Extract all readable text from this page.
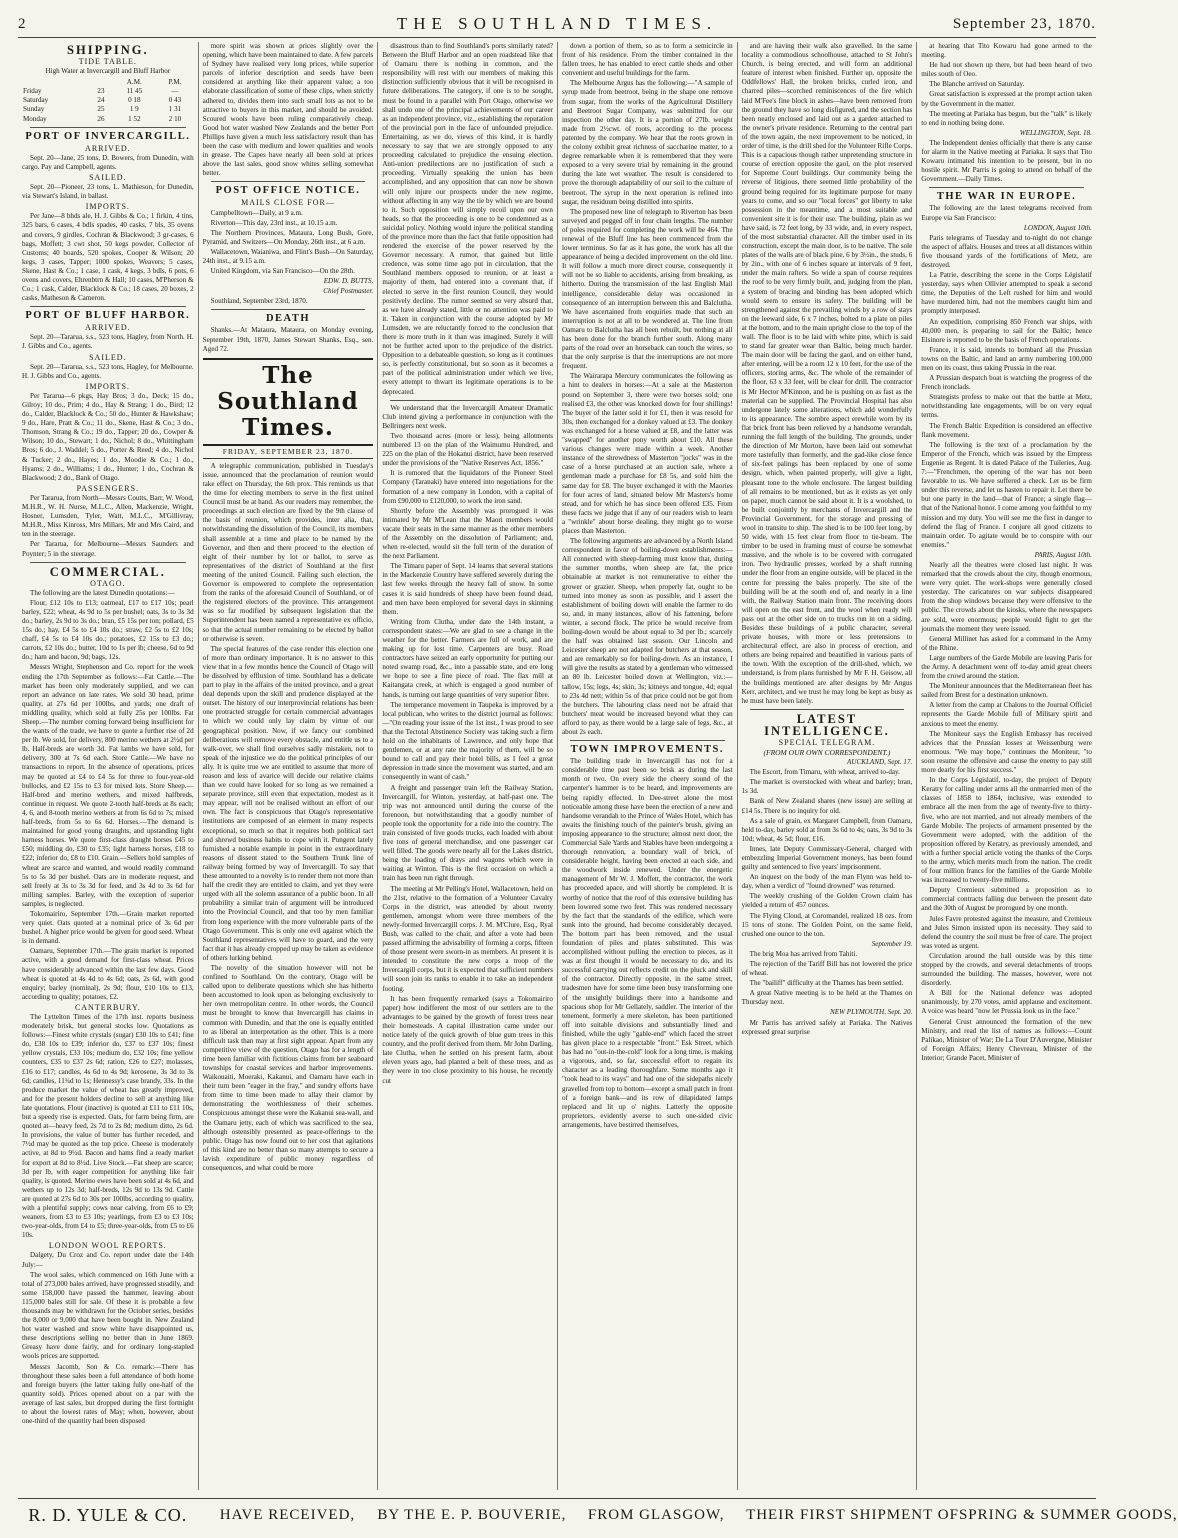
2	THE SOUTHLAND TIMES.	September 23, 1870.
SHIPPING.
TIDE TABLE.
High Water at Invercargill and Bluff Harbor
		A.M.	P.M.
Friday	23	11 45	—
Saturday	24	0 18	0 43
Sunday	25	1 9	1 31
Monday	26	1 52	2 10
PORT OF INVERCARGILL.
ARRIVED.

Sept. 20—Jane, 25 tons, D. Bowers, from Dunedin, with cargo. Pay and Campbell, agents.

SAILED.

Sept. 20—Pioneer, 23 tons, L. Mathieson, for Dunedin, via Stewart's Island, in ballast.

IMPORTS.

Per Jane—8 bhds ale, H. J. Gibbs & Co.; 1 firkin, 4 tins, 325 bars, 6 cases, 4 bdls spades, 40 casks, 7 bls, 35 ovens and covers, 9 girdles, Cochran & Blackwood; 3 gr-cases, 6 bags, Moffett; 3 cwt shot, 50 kegs powder, Collector of Customs; 40 boards, 520 spokes, Cooper & Wilson; 20 kegs, 3 cases, Tapper; 1000 spokes, Weavers; 5 cases, Skene, Hast & Co.; 1 case, 1 cask, 4 kegs, 3 bdls, 6 pots, 6 ovens and covers, Ehrenbtrn & Hall; 10 cases, M'Pherson & Co.; 1 cask, Calder, Blacklock & Co.; 18 cases, 20 boxes, 2 casks, Matheson & Cameron.

PORT OF BLUFF HARBOR.
ARRIVED.

Sept. 20—Tararua, s.s., 523 tons, Hagley, from North. H. J. Gibbs and Co., agents.

SAILED.

Sept. 20—Tararua, s.s., 523 tons, Hagley, for Melbourne. H. J. Gibbs and Co., agents.

IMPORTS.

Per Tararua—6 pkgs, Hay Bros; 3 do., Deck; 15 do., Gilroy; 10 do., Prim; 4 do., Hay & Strang; 1 do., Bird; 12 do., Calder, Blacklock & Co.; 50 do., Hunter & Hawkshaw; 9 do., Hare, Pratt & Co.; 11 do., Skene, Hast & Co.; 3 do., Thomson, Strang & Co.; 19 do., Tapper; 20 do., Cowper & Wilson; 10 do., Stewart; 1 do., Nichol; 8 do., Whittingham Bros; 6 do., J. Waddel; 5 do., Porter & Reed; 4 do., Nichol & Tucker; 2 do., Hayes; 1 do., Moodie & Co.; 1 do., Hyams; 2 do., Williams; 1 do., Hunter; 1 do., Cochran & Blackwood; 2 do., Bank of Otago.

PASSENGERS.

Per Tararua, from North—Messrs Coutts, Barr, W. Wood, M.H.R., W. H. Nurse, M.L.C., Allen, Mackenzie, Wright, Hosner, Lumsden, Tyler, Watt, M.L.C., M'Gillivray, M.H.R., Miss Kinross, Mrs Millars, Mr and Mrs Caird, and ten in the steerage.

Per Tararua, for Melbourne—Messrs Saunders and Poynter; 5 in the steerage.

COMMERCIAL.
OTAGO.

The following are the latest Dunedin quotations:—

Flour, £12 10s to £13; oatmeal, £17 to £17 10s; pearl barley, £22; wheat, 4s 9d to 5s per bushel; oats, 3s to 3s 3d do.; barley, 2s 9d to 3s do.; bran, £5 15s per ton; pollard, £5 15s do.; hay, £4 5s to £4 10s do.; straw, £2 5s to £2 10s; chaff, £4 5s to £4 10s do.; potatoes, £2 15s to £3 do.; carrots, £2 10s do.; butter, 10d to 1s per lb; cheese, 6d to 9d do.; ham and bacon, 9d; bags, 12s.

Messrs Wright, Stephenson and Co. report for the week ending the 17th September as follows:—Fat Cattle.—The market has been only moderately supplied, and we can report an advance on late rates. We sold 30 head, prime quality, at 27s 6d per 100lbs, and yards; one draft of middling quality, which sold at fully 25s per 100lbs. Fat Sheep.—The number coming forward being insufficient for the wants of the trade, we have to quote a further rise of 2d per lb. We sold, for delivery, 800 merino wethers at 2½d per lb. Half-breds are worth 3d. Fat lambs we have sold, for delivery, 300 at 7s 6d each. Store Cattle.—We have no transactions to report. In the absence of operations, prices may be quoted at £4 to £4 5s for three to four-year-old bullocks, and £2 15s to £3 for mixed lots. Store Sheep.—Half-bred and merino wethers, and mixed halfbreds, continue in request. We quote 2-tooth half-breds at 8s each; 4, 6, and 8-tooth merino wethers at from 6s 6d to 7s; mixed half-breds, from 5s to 6s 6d. Horses.—The demand is maintained for good young draughts, and upstanding light harness horses. We quote first-class draught horses £45 to £50; middling do, £30 to £35; light harness horses, £18 to £22; inferior do, £8 to £10. Grain.—Sellers hold samples of wheat are scarce and wanted, and would readily command 5s to 5s 3d per bushel. Oats are in moderate request, and sell freely at 3s to 3s 3d for feed, and 3s 4d to 3s 6d for milling samples. Barley, with the exception of superior samples, is neglected.

Tokomairiro, September 17th.—Grain market reported very quiet. Oats quoted at a nominal price of 3s 6d per bushel. A higher price would be given for good seed. Wheat is in demand.

Oamaru, September 17th.—The grain market is reported active, with a good demand for first-class wheat. Prices have considerably advanced within the last few days. Good wheat is quoted at 4s 4d to 4s 6d; oats, 2s 6d, with good enquiry; barley (nominal), 2s 9d; flour, £10 10s to £13, according to quality; potatoes, £2.

CANTERBURY.

The Lyttelton Times of the 17th inst. reports business moderately brisk, but general stocks low. Quotations as follows:—Finest white crystals (sugar) £30 10s to £41; fine do, £38 10s to £39; inferior do, £37 to £37 10s; finest yellow crystals, £33 10s; medium do, £32 10s; fine yellow counters, £35 to £37 2s 6d; ration, £26 to £27; molasses, £16 to £17; candles, 4s 6d to 4s 9d; kerosene, 3s 3d to 3s 6d; candles, 11¾d to 1s; Hennessy's case brandy, 33s. In the produce market the value of wheat has greatly improved, and for the present holders decline to sell at anything like late quotations. Flour (inactive) is quoted at £11 to £11 10s, but a speedy rise is expected. Oats, for farm being firm, are quoted at—heavy feed, 2s 7d to 2s 8d; medium ditto, 2s 6d. In provisions, the value of butter has further receded, and 7½d may be quoted as the top price. Cheese is moderately active, at 8d to 9½d. Bacon and hams find a ready market for export at 8d to 8½d. Live Stock.—Fat sheep are scarce; 3d per lb, with eager competition for anything like fair quality, is quoted. Merino ewes have been sold at 4s 6d, and wethers up to 12s 3d; half-breds, 12s 9d to 13s 9d. Cattle are quoted at 27s 6d to 30s per 100lbs, according to quality, with a plentiful supply; cows near calving, from £6 to £9; weaners, from £3 to £3 10s; yearlings, from £3 to £3 10s; two-year-olds, from £4 to £5; three-year-olds, from £5 to £6 10s.

LONDON WOOL REPORTS.

Dalgety, Du Croz and Co. report under date the 14th July:—

The wool sales, which commenced on 16th June with a total of 273,000 bales arrived, have progressed steadily, and some 158,000 have passed the hammer, leaving about 115,000 bales still for sale. Of these it is probable a few thousands may be withdrawn for the October series, besides the 8,000 or 9,000 that have been bought in. New Zealand hot water washed and snow white have disappointed us, these descriptions selling no better than in June 1869. Greasy have done fairly, and for ordinary long-stapled wools prices are supported.

Messrs Jacomb, Son & Co. remark:—There has throughout these sales been a full attendance of both home and foreign buyers (the latter taking fully one-half of the quantity sold). Prices opened about on a par with the average of last sales, but dropped during the first fortnight to about the lowest rates of May; when, however, about one-third of the quantity had been disposed

more spirit was shown at prices slightly over the opening, which have been maintained to date. A few parcels of Sydney have realised very long prices, while superior parcels of inferior description and seeds have been considered at anything like their apparent value; a too elaborate classification of some of these clips, when strictly adhered to, divides them into such small lots as not to be attractive to buyers in this market, and should be avoided. Scoured wools have been ruling comparatively cheap. Good hot water washed New Zealands and the better Port Phillips have given a much less satisfactory result than has been the case with medium and lower qualities and wools in grease. The Capes have nearly all been sold at prices above the last sales, good snow whites selling somewhat better.

POST OFFICE NOTICE.
MAILS CLOSE FOR—

Campbelltown—Daily, at 9 a.m.

Riverton—This day, 23rd inst., at 10.15 a.m.

The Northern Provinces, Mataura, Long Bush, Gore, Pyramid, and Switzers—On Monday, 26th inst., at 6 a.m.

Wallacetown, Waianiwa, and Flint's Bush—On Saturday, 24th inst., at 9.15 a.m.

United Kingdom, via San Francisco—On the 28th.

EDW. D. BUTTS,

Chief Postmaster.

Southland, September 23rd, 1870.

DEATH

Shanks.—At Mataura, Mataura, on Monday evening, September 19th, 1870, James Stewart Shanks, Esq., sen. Aged 72.

The Southland Times.
FRIDAY, SEPTEMBER 23, 1870.

A telegraphic communication, published in Tuesday's issue, announced that the proclamation of reunion would take effect on Thursday, the 6th prox. This reminds us that the time for electing members to serve in the first united Council must be at hand. As our readers may remember, the proceedings at such election are fixed by the 9th clause of the basis of reunion, which provides, inter alia, that, notwithstanding the dissolution of the Council, its members shall assemble at a time and place to be named by the Governor, and then and there proceed to the election of eight of their number by lot or ballot, to serve as representatives of the district of Southland at the first meeting of the united Council. Failing such election, the Governor is empowered to complete the representation from the ranks of the aforesaid Council of Southland, or of the registered electors of the province. This arrangement was so far modified by subsequent legislation that the Superintendent has been named a representative ex officio, so that the actual number remaining to be elected by ballot or otherwise is seven.

The special features of the case render this election one of more than ordinary importance. It is no answer to this view that in a few months hence the Council of Otago will be dissolved by effluxion of time. Southland has a delicate part to play in the affairs of the united province, and a great deal depends upon the skill and prudence displayed at the outset. The history of our interprovincial relations has been one protracted struggle for certain commercial advantages to which we could only lay claim by virtue of our geographical position. Now, if we fancy our combined deliberations will remove every obstacle, and entitle us to a walk-over, we shall find ourselves sadly mistaken, not to speak of the injustice we do the political principles of our ally. It is quite true we are entitled to assume that more of reason and less of avarice will decide our relative claims than we could have looked for so long as we remained a separate province, still even that expectation, modest as it may appear, will not be realised without an effort of our own. The fact is conspicuous that Otago's representative institutions are composed of an element in many respects exceptional, so much so that it requires both political tact and shrewd business habits to cope with it. Pungent lately furnished a notable example in point in the extraordinary reasons of dissent stated to the Southern Trunk line of railway being formed by way of Invercargill. To say that these amounted to a novelty is to render them not more than half the credit they are entitled to claim, and yet they were urged with all the solemn assurance of a public boon. In all probability a similar train of argument will be introduced into the Provincial Council, and that too by men familiar from long experience with the more vulnerable parts of the Otago Government. This is only one evil against which the Southland representatives will have to guard, and the very fact that it has already cropped up may be taken as evidence of others lurking behind.

The novelty of the situation however will not be confined to Southland. On the contrary, Otago will be called upon to deliberate questions which she has hitherto been accustomed to look upon as belonging exclusively to her own metropolitan centre. In other words, the Council must be brought to know that Invercargill has claims in common with Dunedin, and that the one is equally entitled to as liberal an interpretation as the other. This is a more difficult task than may at first sight appear. Apart from any competitive view of the question, Otago has for a length of time been familiar with fictitious claims from her seaboard townships for coastal services and harbor improvements. Waikouaiti, Moeraki, Kakanui, and Oamaru have each in their turn been "eager in the fray," and sundry efforts have from time to time been made to allay their clamor by demonstrating the worthlessness of their schemes. Conspicuous amongst these were the Kakanui sea-wall, and the Oamaru jetty, each of which was sacrificed to the sea, although ostensibly presented as peace-offerings to the public. Otago has now found out to her cost that agitations of this kind are no better than so many attempts to secure a lavish expenditure of public money regardless of consequences, and what could be more

disastrous than to find Southland's ports similarly rated? Between the Bluff Harbor and an open roadstead like that of Oamaru there is nothing in common, and the responsibility will rest with our members of making this distinction sufficiently obvious that it will be recognised in future deliberations. The category, if one is to be sought, must be found in a parallel with Port Otago, otherwise we shall undo one of the principal achievements of our career as an independent province, viz., establishing the reputation of the provincial port in the face of unfounded prejudice. Entertaining, as we do, views of this kind, it is hardly necessary to say that we are strongly opposed to any proceeding calculated to prejudice the ensuing election. Anti-union predilections are no justification of such a proceeding. Virtually speaking the union has been accomplished, and any opposition that can now be shown will only injure our prospects under the new regime, without affecting in any way the tie by which we are bound to it. Such opposition will simply recoil upon our own heads, so that the proceeding is one to be condemned as a suicidal policy. Nothing would injure the political standing of the province more than the fact that futile opposition had rendered the exercise of the power reserved by the Governor necessary. A rumor, that gained but little credence, was some time ago put in circulation, that the Southland members opposed to reunion, or at least a majority of them, had entered into a covenant that, if elected to serve in the first reunion Council, they would positively decline. The rumor seemed so very absurd that, as we have already stated, little or no attention was paid to it. Taken in conjunction with the course adopted by Mr Lumsden, we are reluctantly forced to the conclusion that there is more truth in it than was imagined. Surely it will not be further acted upon to the prejudice of the district. Opposition to a debateable question, so long as it continues so, is perfectly constitutional, but so soon as it becomes a part of the political administration under which we live, every attempt to thwart its legitimate operations is to be deprecated.

We understand that the Invercargill Amateur Dramatic Club intend giving a performance in conjunction with the Bellringers next week.

Two thousand acres (more or less), being allotments numbered 13 on the plan of the Waimumu Hundred, and 225 on the plan of the Hokanui district, have been reserved under the provisions of the "Native Reserves Act, 1856."

It is rumored that the liquidators of the Pioneer Steel Company (Taranaki) have entered into negotiations for the formation of a new company in London, with a capital of from £90,000 to £120,000, to work the iron sand.

Shortly before the Assembly was prorogued it was intimated by Mr M'Lean that the Maori members would vacate their seats in the same manner as the other members of the Assembly on the dissolution of Parliament; and, when re-elected, would sit the full term of the duration of the next Parliament.

The Timaru paper of Sept. 14 learns that several stations in the Mackenzie Country have suffered severely during the last few weeks through the heavy fall of snow. In some cases it is said hundreds of sheep have been found dead, and men have been employed for several days in skinning them.

Writing from Clutha, under date the 14th instant, a correspondent states:—We are glad to see a change in the weather for the better. Farmers are full of work, and are making up for lost time. Carpenters are busy. Road contractors have seized an early opportunity for putting our noted swamp road, &c., into a passable state, and ere long we hope to see a fine piece of road. The flax mill at Kaitangata creek, at which is engaged a good number of hands, is turning out large quantities of very superior fibre.

The temperance movement in Taupeka is improved by a local publican, who writes to the district journal as follows:—"On reading your issue of the 1st inst., I was proud to see that the Tectotal Abstinence Society was taking such a firm hold on the inhabitants of Lawrence, and only hope that gentlemen, or at any rate the majority of them, will be so bound to call and pay their hotel bills, as I feel a great depression in trade since the movement was started, and am consequently in want of cash."

A freight and passenger train left the Railway Station, Invercargill, for Winton, yesterday, at half-past one. The trip was not announced until during the course of the forenoon, but notwithstanding that a goodly number of people took the opportunity for a ride into the country. The train consisted of five goods trucks, each loaded with about five tons of general merchandise, and one passenger car well filled. The goods were nearly all for the Lakes district, being the loading of drays and wagons which were in waiting at Winton. This is the first occasion on which a train has been run right through.

The meeting at Mr Pelling's Hotel, Wallacetown, held on the 21st, relative to the formation of a Volunteer Cavalry Corps in the district, was attended by about twenty gentlemen, amongst whom were three members of the newly-formed Invercargill corps. J. M. M'Clure, Esq., Ryal Bush, was called to the chair, and after a vote had been passed affirming the advisability of forming a corps, fifteen of those present were sworn-in as members. At present it is intended to constitute the new corps a troop of the Invercargill corps, but it is expected that sufficient numbers will soon join its ranks to enable it to take an independent footing.

It has been frequently remarked (says a Tokomairiro paper) how indifferent the most of our settlers are to the advantages to be gained by the growth of forest trees near their homesteads. A capital illustration came under our notice lately of the quick growth of blue gum trees in this country, and the profit derived from them. Mr John Darling, late Clutha, when he settled on his present farm, about eleven years ago, had planted a belt of these trees, and as they were in too close proximity to his house, he recently cut

down a portion of them, so as to form a semicircle in front of his residence. From the timber contained in the fallen trees, he has enabled to erect cattle sheds and other convenient and useful buildings for the farm.

The Melbourne Argus has the following:—"A sample of syrup made from beetroot, being in the shape one remove from sugar, from the works of the Agricultural Distillery and Beetroot Sugar Company, was submitted for our inspection the other day. It is a portion of 27lb. weight made from 2½cwt. of roots, according to the process patented by the company. We hear that the roots grown in the colony exhibit great richness of saccharine matter, to a degree remarkable when it is remembered that they were exposed to a very severe trial by remaining in the ground during the late wet weather. The result is considered to prove the thorough adaptability of our soil to the culture of beetroot. The syrup in the next operation is refined into sugar, the residuum being distilled into spirits.

The proposed new line of telegraph to Riverton has been surveyed and pegged off in four chain lengths. The number of poles required for completing the work will be 464. The renewal of the Bluff line has been commenced from the lower terminus. So far as it has gone, the work has all the appearance of being a decided improvement on the old line. It will follow a much more direct course, consequently it will not be so liable to accidents, arising from breaking, as hitherto. During the transmission of the last English Mail intelligence, considerable delay was occasioned in consequence of an interruption between this and Balclutha. We have ascertained from enquiries made that such an interruption is not at all to be wondered at. The line from Oamaru to Balclutha has all been rebuilt, but nothing at all has been done for the branch further south. Along many parts of the road over an horseback can touch the wires, so that the only surprise is that the interruptions are not more frequent.

The Wairarapa Mercury communicates the following as a hint to dealers in horses:—At a sale at the Masterton pound on September 3, there were two horses sold; one realised £3, the other was knocked down for four shillings! The buyer of the latter sold it for £1, then it was resold for 30s, then exchanged for a donkey valued at £3. The donkey was exchanged for a horse valued at £8, and the latter was "swapped" for another pony worth about £10. All these various changes were made within a week. Another instance of the shrewdness of Masterton "jocks" was in the case of a horse purchased at an auction sale, where a gentleman made a purchase for £8 5s, and sold him the same day for £8. The buyer exchanged it with the Maories for four acres of land, situated below Mr Masters's home stead, and for which he has since been offered £35. From these facts we judge that if any of our readers wish to learn a "wrinkle" about horse dealing, they might go to worse places than Masterton.

The following arguments are advanced by a North Island correspondent in favor of boiling-down establishments:—All connected with sheep-farming must know that, during the summer months, when sheep are fat, the price obtainable at market is not remunerative to either the grower or grazier. Sheep, when properly fat, ought to be turned into money as soon as possible, and I assert the establishment of boiling down will enable the farmer to do so, and, in many instances, allow of his fattening, before winter, a second flock. The price he would receive from boiling-down would be about equal to 3d per lb.; scarcely the half was obtained last season. Our Lincoln and Leicester sheep are not adapted for butchers at that season, and are remarkably so for boiling-down. As an instance, I will give the results as stated by a gentleman who witnessed an 80 lb. Leicester boiled down at Wellington, viz.:—tallow, 15s; legs, 4s; skin, 3s; kitneys and tongue, 4d; equal to 23s 4d nett; within 5s of that price could not be got from the butchers. The labouring class need not be afraid that butchers' meat would be increased beyond what they can afford to pay, as there would be a large sale of legs, &c., at about 2s each.

TOWN IMPROVEMENTS.

The building trade in Invercargill has not for a considerable time past been so brisk as during the last month or two. On every side the cheery sound of the carpenter's hammer is to be heard, and improvements are being rapidly effected. In Dee-street alone the most noticeable among these have been the erection of a new and handsome verandah to the Prince of Wales Hotel, which has awaits the finishing touch of the painter's brush, giving an imposing appearance to the structure; almost next door, the Commercial Sale Yards and Stables have been undergoing a thorough renovation, a boundary wall of brick, of considerable height, having been erected at each side, and the woodwork inside renewed. Under the energetic management of Mr W. J. Moffett, the contractor, the work has proceeded apace, and will shortly be completed. It is worthy of notice that the roof of this extensive building has been lowered some two feet. This was rendered necessary by the fact that the standards of the edifice, which were sunk into the ground, had become considerably decayed. The bottom part has been removed, and the usual foundation of piles and plates substituted. This was accomplished without pulling the erection to pieces, as it was at first thought it would be necessary to do, and its successful carrying out reflects credit on the pluck and skill of the contractor. Directly opposite, in the same street, tradesmen have for some time been busy transforming one of the unsightly buildings there into a handsome and spacious shop for Mr Gellately, saddler. The interior of the tenement, formerly a mere skeleton, has been partitioned off into suitable divisions and substantially lined and finished, while the ugly "gable-end" which faced the street has given place to a respectable "front." Esk Street, which has had no "out-in-the-cold" look for a long time, is making a vigorous, and, so far, successful effort to regain its character as a leading thoroughfare. Some months ago it "took head to its ways" and had one of the sidepaths nicely gravelled from top to bottom—except a small patch in front of a foreign bank—and its row of dilapidated lamps replaced and lit up o' nights. Latterly the opposite proprietors, evidently averse to such one-sided civic arrangements, have bestirred themselves,

and are having their walk also gravelled. In the same locality a commodious schoolhouse, attached to St John's Church, is being erected, and will form an additional feature of interest when finished. Further up, opposite the Oddfellows' Hall, the broken bricks, curled iron, and charred piles—scorched reminiscences of the fire which laid M'Fee's fine block in ashes—have been removed from the ground they have so long disfigured, and the section has been neatly enclosed and laid out as a garden attached to the owner's private residence. Returning to the central part of the town again, the next improvement to be noticed, in order of time, is the drill shed for the Volunteer Rifle Corps. This is a capacious though rather unpretending structure in course of erection opposite the gaol, on the plot reserved for Supreme Court buildings. Our community being the reverse of litigious, there seemed little probability of the ground being required for its legitimate purpose for many years to come, and so our "local forces" got liberty to take possession in the meantime, and a most suitable and convenient site it is for their use. The building, plain as we have said, is 72 feet long, by 33 wide, and, in every respect, of the most substantial character. All the timber used in its construction, except the main door, is to be native. The sole plates of the walls are of black pine, 6 by 3½in., the studs, 6 by 2in., with one of 6 inches square at intervals of 9 feet, under the main rafters. So wide a span of course requires the roof to be very firmly built, and, judging from the plan, a system of bracing and binding has been adopted which would seem to ensure its safety. The building will be strengthened against the prevailing winds by a row of stays on the leeward side, 6 x 7 inches, bolted to a plate on piles at the bottom, and to the main upright close to the top of the wall. The floor is to be laid with white pine, which is said to stand far greater wear than Baltic, being much harder. The main door will be facing the gaol, and on either hand, after entering, will be a room 12 x 10 feet, for the use of the officers, storing arms, &c. The whole of the remainder of the floor, 63 x 33 feet, will be clear for drill. The contractor is Mr Hector M'Kinnon, and he is pushing on as fast as the material can be supplied. The Provincial Hospital has also undergone lately some alterations, which add wonderfully to its appearance. The sombre aspect erewhile worn by its flat brick front has been relieved by a handsome verandah, running the full length of the building. The grounds, under the direction of Mr Morton, have been laid out somewhat more tastefully than formerly, and the gad-like close fence of six-feet palings has been replaced by one of some design, which, when painted properly, will give a light, pleasant tone to the whole enclosure. The largest building of all remains to be mentioned, but as it exists as yet only on paper, much cannot be said about it. It is a woolshed, to be built conjointly by merchants of Invercargill and the Provincial Government, for the storage and pressing of wool in transitu to ship. The shed is to be 100 feet long, by 50 wide, with 15 feet clear from floor to tie-beam. The timber to be used in framing must of course be somewhat massive, and the whole is to be covered with corrugated iron. Two hydraulic presses, worked by a shaft running under the floor from an engine outside, will be placed in the centre for pressing the bales properly. The site of the building will be at the south end of, and nearly in a line with, the Railway Station main front. The receiving doors will open on the east front, and the wool when ready will pass out at the other side on to trucks run in on a siding. Besides these buildings of a public character, several private houses, with more or less pretensions to architectural effect, are also in process of erection, and others are being repaired and beautified in various parts of the town. With the exception of the drill-shed, which, we understand, is from plans furnished by Mr F. H. Geisow, all the buildings mentioned are after designs by Mr Angus Kerr, architect, and we trust he may long be kept as busy as he must have been lately.

LATEST INTELLIGENCE.
SPECIAL TELEGRAM.
(FROM OUR OWN CORRESPONDENT.)
AUCKLAND, Sept. 17.

The Escort, from Timaru, with wheat, arrived to-day.

The market is overstocked with wheat and barley; bran, 1s 3d.

Bank of New Zealand shares (new issue) are selling at £14 5s. There is no inquiry for old.

As a sale of grain, ex Margaret Campbell, from Oamaru, held to-day, barley sold at from 3s 6d to 4s; oats, 3s 9d to 3s 10d; wheat, 4s 5d; flour, £16.

Innes, late Deputy Commissary-General, charged with embezzling Imperial Government moneys, has been found guilty and sentenced to five years' imprisonment.

An inquest on the body of the man Flynn was held to-day, when a verdict of "found drowned" was returned.

The weekly crushing of the Golden Crown claim has yielded a return of 457 ounces.

The Flying Cloud, at Coromandel, realized 18 ozs. from 15 tons of stone. The Golden Point, on the same field, crushed one ounce to the ton.

September 19.

The brig Moa has arrived from Tahiti.

The rejection of the Tariff Bill has not lowered the price of wheat.

The "bailiff" difficulty at the Thames has been settled.

A great Native meeting is to be held at the Thames on Thursday next.

NEW PLYMOUTH, Sept. 20.

Mr Parris has arrived safely at Pariaka. The Natives expressed great surprise

at hearing that Tito Kowaru had gone armed to the meeting.

He had not shown up there, but had been heard of two miles south of Oeo.

The Blanche arrived on Saturday.

Great satisfaction is expressed at the prompt action taken by the Government in the matter.

The meeting at Pariaka has begun, but the "talk" is likely to end in nothing being done.

WELLINGTON, Sept. 18.

The Independent denies officially that there is any cause for alarm in the Native meeting at Pariaka. It says that Tito Kowaru intimated his intention to be present, but in no hostile spirit. Mr Parris is going to attend on behalf of the Government.—Daily Times.

THE WAR IN EUROPE.

The following are the latest telegrams received from Europe via San Francisco:

LONDON, August 10th.

Paris telegrams of Tuesday and to-night do not change the aspect of affairs. Houses and trees at all distances within five thousand yards of the fortifications of Metz, are destroyed.

La Patrie, describing the scene in the Corps Législatif yesterday, says when Ollivier attempted to speak a second time, the Deputies of the Left rushed for him and would have murdered him, had not the members caught him and promptly interposed.

An expedition, comprising 850 French war ships, with 40,000 men, is preparing to sail for the Baltic; hence Elsinore is reported to be the basis of French operations.

France, it is said, intends to bombard all the Prussian towns on the Baltic, and land an army numbering 100,000 men on its coast, thus taking Prussia in the rear.

A Prussian despatch boat is watching the progress of the French ironclads.

Strategists profess to make out that the battle at Metz, notwithstanding late engagements, will be on very equal terms.

The French Baltic Expedition is considered an effective flank movement.

The following is the text of a proclamation by the Emperor of the French, which was issued by the Empress Eugenie as Regent. It is dated Palace of the Tuileries, Aug. 7:—"Frenchmen, the opening of the war has not been favorable to us. We have suffered a check. Let us be firm under this reverse, and let us hasten to repair it. Let there be but one party in the land—that of France; a single flag—that of the National honor. I come among you faithful to my mission and my duty. You will see me the first in danger to defend the flag of France. I conjure all good citizens to maintain order. To agitate would be to conspire with our enemies."

PARIS, August 10th.

Nearly all the theatres were closed last night. It was remarked that the crowds about the city, though enormous, were very quiet. The work-shops were generally closed yesterday. The caricatures on war subjects disappeared from the shop windows because they were offensive to the public. The crowds about the kiosks, where the newspapers are sold, were enormous; people would fight to get the journals the moment they were issued.

General Millinet has asked for a command in the Army of the Rhine.

Large numbers of the Garde Mobile are leaving Paris for the Army. A detachment went off to-day amid great cheers from the crowd around the station.

The Moniteur announces that the Mediterranean fleet has sailed from Brest for a destination unknown.

A letter from the camp at Chalons to the Journal Officiel represents the Garde Mobile full of Military spirit and anxious to meet the enemy.

The Moniteur says the English Embassy has received advices that the Prussian losses at Weissenburg were enormous. "We may hope," continues the Moniteur, "to soon resume the offensive and cause the enemy to pay still more dearly for his first success."

In the Corps Législatif, to-day, the project of Deputy Keratry for calling under arms all the unmarried men of the classes of 1858 to 1864, inclusive, was extended to embrace all the men from the age of twenty-five to thirty-five, who are not married, and not already members of the Garde Mobile. The projects of armament presented by the Government were adopted, with the addition of the proposition offered by Keratry, as previously amended, and with a further special article voting the thanks of the Corps to the army, which merits much from the nation. The credit of four million francs for the families of the Garde Mobile was increased to twenty-five millions.

Deputy Cremieux submitted a proposition as to commercial contracts falling due between the present date and the 30th of August be prorogued by one month.

Jules Favre protested against the measure, and Cremieux and Jules Simon insisted upon its necessity. They said to defend the country the soil must be free of care. The project was voted as urgent.

Circulation around the hall outside was by this time stopped by the crowds, and several detachments of troops surrounded the building. The masses, however, were not disorderly.

A Bill for the National defence was adopted unanimously, by 270 votes, amid applause and excitement. A voice was heard "now let Prussia look us in the face."

General Crust announced the formation of the new Ministry, and read the list of names as follows:—Count Palikao, Minister of War; De La Tour D'Auvergne, Minister of Foreign Affairs; Henry Chevreau, Minister of the Interior; Grande Pacet, Minister of

R. D. YULE & CO.	HAVE RECEIVED,	BY THE E. P. BOUVERIE,	FROM GLASGOW,	THEIR FIRST SHIPMENT OF SPRING & SUMMER GOODS,
